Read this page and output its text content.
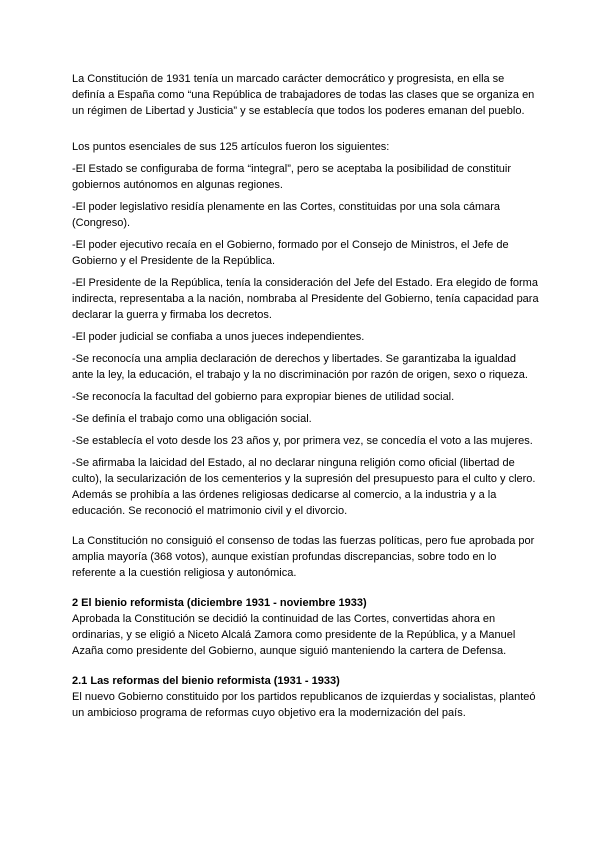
La Constitución de 1931 tenía un marcado carácter democrático y progresista, en ella se definía a España como “una República de trabajadores de todas las clases que se organiza en un régimen de Libertad y Justicia” y se establecía que todos los poderes emanan del pueblo.

Los puntos esenciales de sus 125 artículos fueron los siguientes:

-El Estado se configuraba de forma “integral”, pero se aceptaba la posibilidad de constituir gobiernos autónomos en algunas regiones.

-El poder legislativo residía plenamente en las Cortes, constituidas por una sola cámara (Congreso).

-El poder ejecutivo recaía en el Gobierno, formado por el Consejo de Ministros, el Jefe de Gobierno y el Presidente de la República.

-El Presidente de la República, tenía la consideración del Jefe del Estado. Era elegido de forma indirecta, representaba a la nación, nombraba al Presidente del Gobierno, tenía capacidad para declarar la guerra y firmaba los decretos.

-El poder judicial se confiaba a unos jueces independientes.

-Se reconocía una amplia declaración de derechos y libertades. Se garantizaba la igualdad ante la ley, la educación, el trabajo y la no discriminación por razón de origen, sexo o riqueza.

-Se reconocía la facultad del gobierno para expropiar bienes de utilidad social.

-Se definía el trabajo como una obligación social.

-Se establecía el voto desde los 23 años y, por primera vez, se concedía el voto a las mujeres.

-Se afirmaba la laicidad del Estado, al no declarar ninguna religión como oficial (libertad de culto), la secularización de los cementerios y la supresión del presupuesto para el culto y clero. Además se prohibía a las órdenes religiosas dedicarse al comercio, a la industria y a la educación. Se reconoció el matrimonio civil y el divorcio.

La Constitución no consiguió el consenso de todas las fuerzas políticas, pero fue aprobada por amplia mayoría (368 votos), aunque existían profundas discrepancias, sobre todo en lo referente a la cuestión religiosa y autonómica.

2 El bienio reformista (diciembre 1931 - noviembre 1933)

Aprobada la Constitución se decidió la continuidad de las Cortes, convertidas ahora en ordinarias, y se eligió a Niceto Alcalá Zamora como presidente de la República, y a Manuel Azaña como presidente del Gobierno, aunque siguió manteniendo la cartera de Defensa.

2.1 Las reformas del bienio reformista (1931 - 1933)

El nuevo Gobierno constituido por los partidos republicanos de izquierdas y socialistas, planteó un ambicioso programa de reformas cuyo objetivo era la modernización del país.
